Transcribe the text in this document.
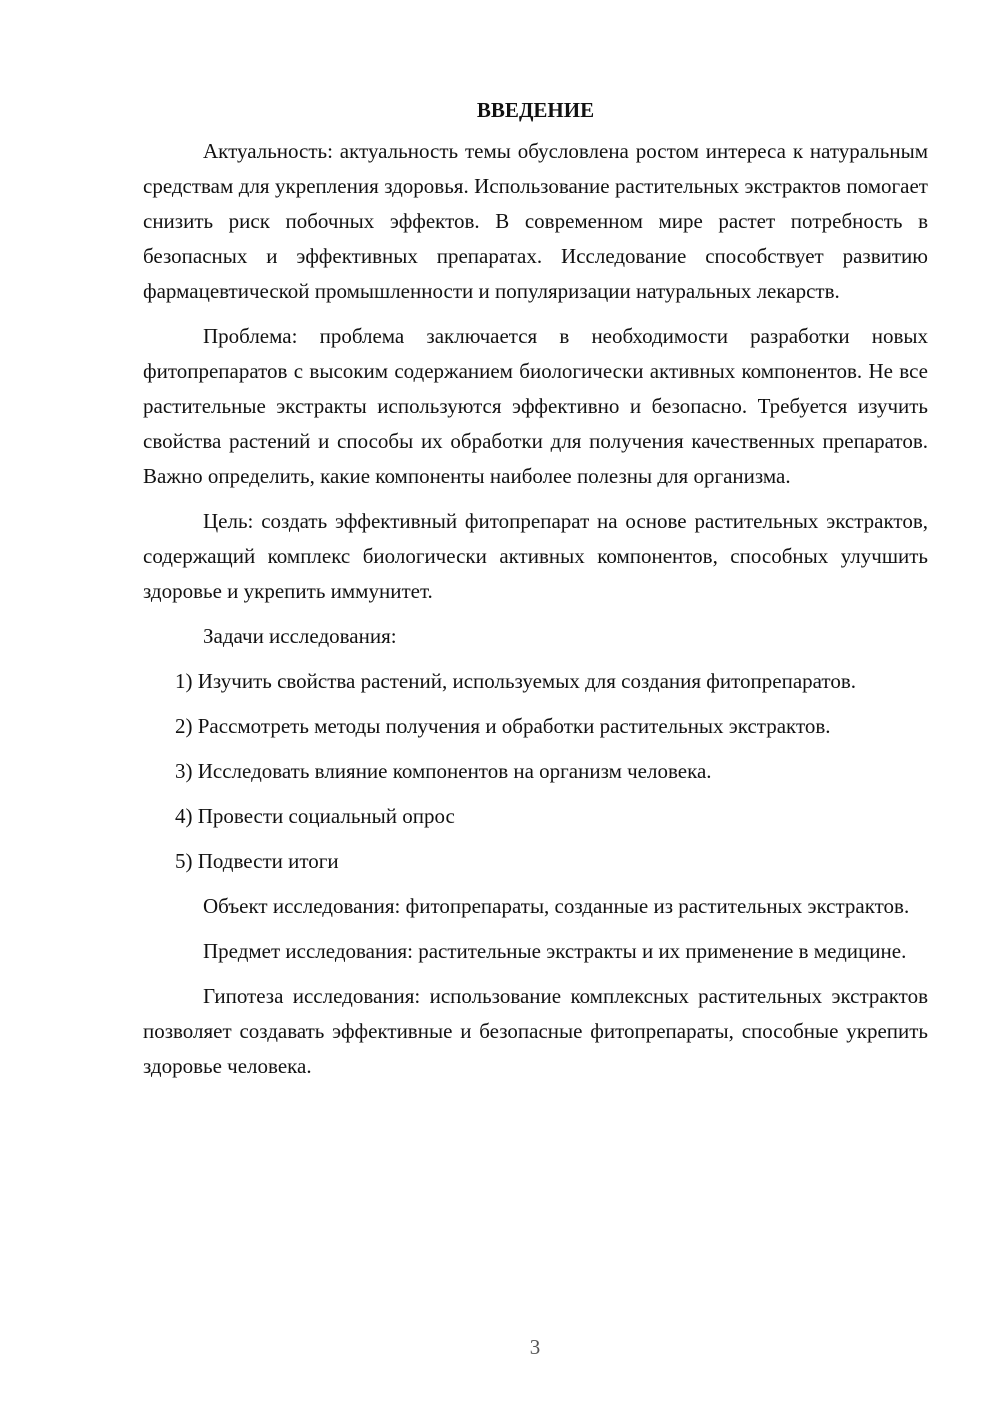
ВВЕДЕНИЕ

Актуальность: актуальность темы обусловлена ростом интереса к натуральным средствам для укрепления здоровья. Использование растительных экстрактов помогает снизить риск побочных эффектов. В современном мире растет потребность в безопасных и эффективных препаратах. Исследование способствует развитию фармацевтической промышленности и популяризации натуральных лекарств.

Проблема: проблема заключается в необходимости разработки новых фитопрепаратов с высоким содержанием биологически активных компонентов. Не все растительные экстракты используются эффективно и безопасно. Требуется изучить свойства растений и способы их обработки для получения качественных препаратов. Важно определить, какие компоненты наиболее полезны для организма.

Цель: создать эффективный фитопрепарат на основе растительных экстрактов, содержащий комплекс биологически активных компонентов, способных улучшить здоровье и укрепить иммунитет.

Задачи исследования:

1) Изучить свойства растений, используемых для создания фитопрепаратов.

2) Рассмотреть методы получения и обработки растительных экстрактов.

3) Исследовать влияние компонентов на организм человека.

4) Провести социальный опрос

5) Подвести итоги

Объект исследования: фитопрепараты, созданные из растительных экстрактов.

Предмет исследования: растительные экстракты и их применение в медицине.

Гипотеза исследования: использование комплексных растительных экстрактов позволяет создавать эффективные и безопасные фитопрепараты, способные укрепить здоровье человека.

3
